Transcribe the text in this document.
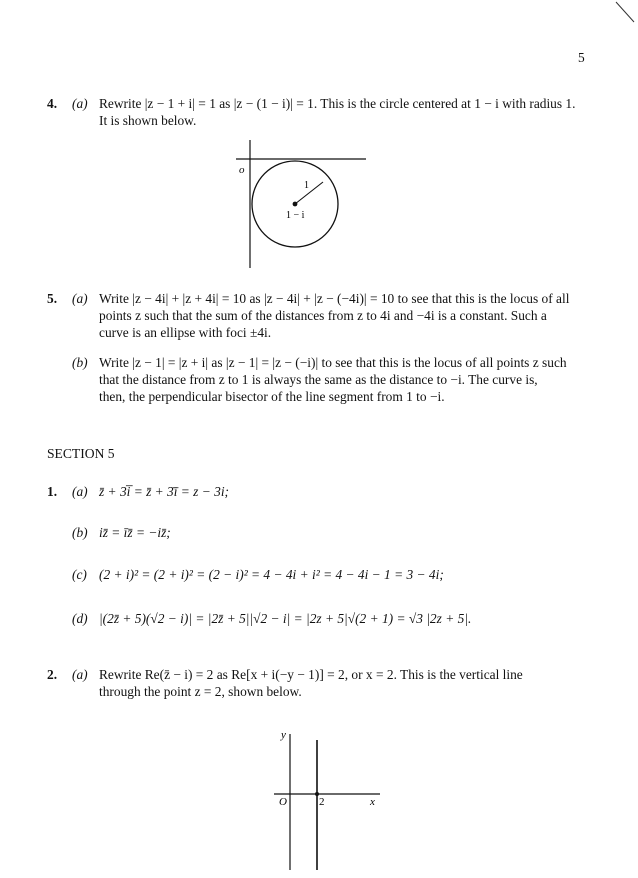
5
4. (a) Rewrite |z − 1 + i| = 1 as |z − (1 − i)| = 1. This is the circle centered at 1 − i with radius 1.
It is shown below.
o
1
1 − i
5. (a) Write |z − 4i| + |z + 4i| = 10 as |z − 4i| + |z − (−4i)| = 10 to see that this is the locus of all
points z such that the sum of the distances from z to 4i and −4i is a constant. Such a
curve is an ellipse with foci ±4i.
(b) Write |z − 1| = |z + i| as |z − 1| = |z − (−i)| to see that this is the locus of all points z such
that the distance from z to 1 is always the same as the distance to −i. The curve is,
then, the perpendicular bisector of the line segment from 1 to −i.
SECTION 5
1. (a) z̄ + 3i̅ = z̄ + 3̄ī = z − 3i;
(b) iz̄ = īz̄ = −iz̄;
(c) (2 + i)² = (2 + i)² = (2 − i)² = 4 − 4i + i² = 4 − 4i − 1 = 3 − 4i;
(d) |(2z̄ + 5)(√2 − i)| = |2z̄ + 5||√2 − i| = |2z + 5|√(2 + 1) = √3 |2z + 5|.
2. (a) Rewrite Re(z̄ − i) = 2 as Re[x + i(−y − 1)] = 2, or x = 2. This is the vertical line
through the point z = 2, shown below.
y
O	2	x
